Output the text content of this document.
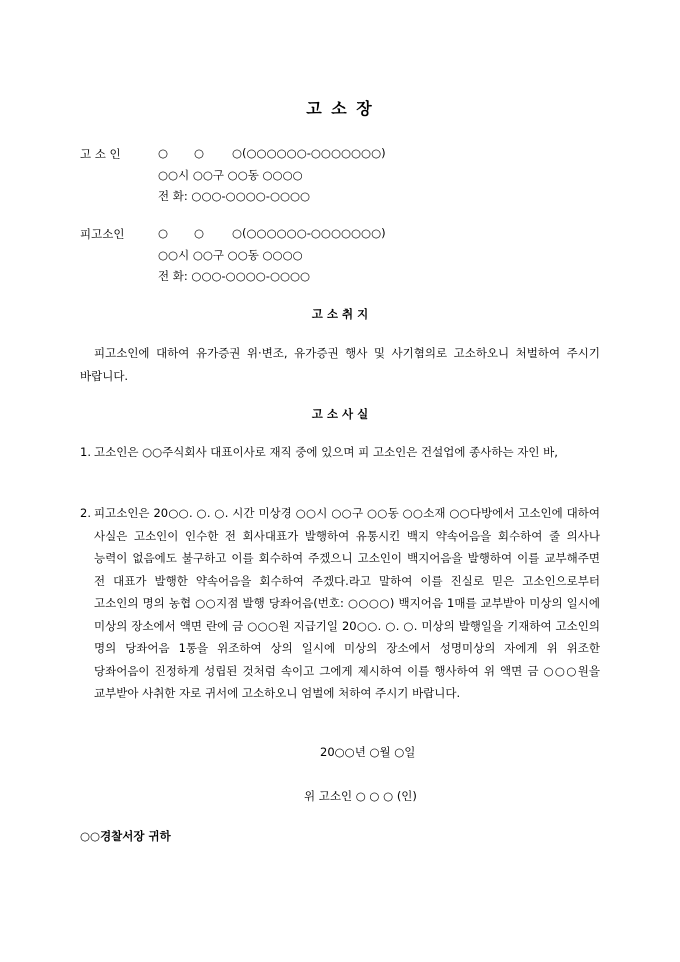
고 소 장
고 소 인	○ ○ ○(○○○○○○-○○○○○○○)
○○시 ○○구 ○○동 ○○○○
전 화: ○○○-○○○○-○○○○
피고소인	○ ○ ○(○○○○○○-○○○○○○○)
○○시 ○○구 ○○동 ○○○○
전 화: ○○○-○○○○-○○○○
고 소 취 지
피고소인에 대하여 유가증권 위·변조, 유가증권 행사 및 사기혐의로 고소하오니 처벌하여 주시기 바랍니다.
고 소 사 실
1. 고소인은 ○○주식회사 대표이사로 재직 중에 있으며 피 고소인은 건설업에 종사하는 자인 바,
2. 피고소인은 20○○. ○. ○. 시간 미상경 ○○시 ○○구 ○○동 ○○소재 ○○다방에서 고소인에 대하여 사실은 고소인이 인수한 전 회사대표가 발행하여 유통시킨 백지 약속어음을 회수하여 줄 의사나 능력이 없음에도 불구하고 이를 회수하여 주겠으니 고소인이 백지어음을 발행하여 이를 교부해주면 전 대표가 발행한 약속어음을 회수하여 주겠다.라고 말하여 이를 진실로 믿은 고소인으로부터 고소인의 명의 농협 ○○지점 발행 당좌어음(번호: ○○○○) 백지어음 1매를 교부받아 미상의 일시에 미상의 장소에서 액면 란에 금 ○○○원 지급기일 20○○. ○. ○. 미상의 발행일을 기재하여 고소인의 명의 당좌어음 1통을 위조하여 상의 일시에 미상의 장소에서 성명미상의 자에게 위 위조한 당좌어음이 진정하게 성립된 것처럼 속이고 그에게 제시하여 이를 행사하여 위 액면 금 ○○○원을 교부받아 사취한 자로 귀서에 고소하오니 엄벌에 처하여 주시기 바랍니다.
20○○년 ○월 ○일
위 고소인 ○ ○ ○ (인)
○○경찰서장 귀하
